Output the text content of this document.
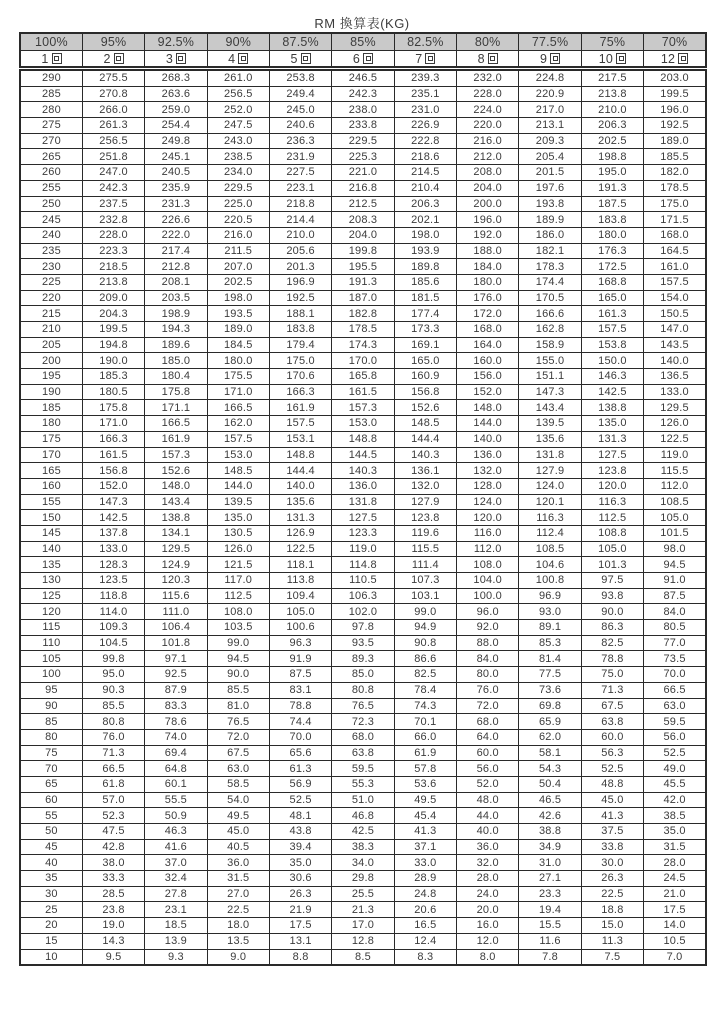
RM 換算表(KG)
100%	95%	92.5%	90%	87.5%	85%	82.5%	80%	77.5%	75%	70%
1	2	3	4	5	6	7	8	9	10	12
290	275.5	268.3	261.0	253.8	246.5	239.3	232.0	224.8	217.5	203.0
285	270.8	263.6	256.5	249.4	242.3	235.1	228.0	220.9	213.8	199.5
280	266.0	259.0	252.0	245.0	238.0	231.0	224.0	217.0	210.0	196.0
275	261.3	254.4	247.5	240.6	233.8	226.9	220.0	213.1	206.3	192.5
270	256.5	249.8	243.0	236.3	229.5	222.8	216.0	209.3	202.5	189.0
265	251.8	245.1	238.5	231.9	225.3	218.6	212.0	205.4	198.8	185.5
260	247.0	240.5	234.0	227.5	221.0	214.5	208.0	201.5	195.0	182.0
255	242.3	235.9	229.5	223.1	216.8	210.4	204.0	197.6	191.3	178.5
250	237.5	231.3	225.0	218.8	212.5	206.3	200.0	193.8	187.5	175.0
245	232.8	226.6	220.5	214.4	208.3	202.1	196.0	189.9	183.8	171.5
240	228.0	222.0	216.0	210.0	204.0	198.0	192.0	186.0	180.0	168.0
235	223.3	217.4	211.5	205.6	199.8	193.9	188.0	182.1	176.3	164.5
230	218.5	212.8	207.0	201.3	195.5	189.8	184.0	178.3	172.5	161.0
225	213.8	208.1	202.5	196.9	191.3	185.6	180.0	174.4	168.8	157.5
220	209.0	203.5	198.0	192.5	187.0	181.5	176.0	170.5	165.0	154.0
215	204.3	198.9	193.5	188.1	182.8	177.4	172.0	166.6	161.3	150.5
210	199.5	194.3	189.0	183.8	178.5	173.3	168.0	162.8	157.5	147.0
205	194.8	189.6	184.5	179.4	174.3	169.1	164.0	158.9	153.8	143.5
200	190.0	185.0	180.0	175.0	170.0	165.0	160.0	155.0	150.0	140.0
195	185.3	180.4	175.5	170.6	165.8	160.9	156.0	151.1	146.3	136.5
190	180.5	175.8	171.0	166.3	161.5	156.8	152.0	147.3	142.5	133.0
185	175.8	171.1	166.5	161.9	157.3	152.6	148.0	143.4	138.8	129.5
180	171.0	166.5	162.0	157.5	153.0	148.5	144.0	139.5	135.0	126.0
175	166.3	161.9	157.5	153.1	148.8	144.4	140.0	135.6	131.3	122.5
170	161.5	157.3	153.0	148.8	144.5	140.3	136.0	131.8	127.5	119.0
165	156.8	152.6	148.5	144.4	140.3	136.1	132.0	127.9	123.8	115.5
160	152.0	148.0	144.0	140.0	136.0	132.0	128.0	124.0	120.0	112.0
155	147.3	143.4	139.5	135.6	131.8	127.9	124.0	120.1	116.3	108.5
150	142.5	138.8	135.0	131.3	127.5	123.8	120.0	116.3	112.5	105.0
145	137.8	134.1	130.5	126.9	123.3	119.6	116.0	112.4	108.8	101.5
140	133.0	129.5	126.0	122.5	119.0	115.5	112.0	108.5	105.0	98.0
135	128.3	124.9	121.5	118.1	114.8	111.4	108.0	104.6	101.3	94.5
130	123.5	120.3	117.0	113.8	110.5	107.3	104.0	100.8	97.5	91.0
125	118.8	115.6	112.5	109.4	106.3	103.1	100.0	96.9	93.8	87.5
120	114.0	111.0	108.0	105.0	102.0	99.0	96.0	93.0	90.0	84.0
115	109.3	106.4	103.5	100.6	97.8	94.9	92.0	89.1	86.3	80.5
110	104.5	101.8	99.0	96.3	93.5	90.8	88.0	85.3	82.5	77.0
105	99.8	97.1	94.5	91.9	89.3	86.6	84.0	81.4	78.8	73.5
100	95.0	92.5	90.0	87.5	85.0	82.5	80.0	77.5	75.0	70.0
95	90.3	87.9	85.5	83.1	80.8	78.4	76.0	73.6	71.3	66.5
90	85.5	83.3	81.0	78.8	76.5	74.3	72.0	69.8	67.5	63.0
85	80.8	78.6	76.5	74.4	72.3	70.1	68.0	65.9	63.8	59.5
80	76.0	74.0	72.0	70.0	68.0	66.0	64.0	62.0	60.0	56.0
75	71.3	69.4	67.5	65.6	63.8	61.9	60.0	58.1	56.3	52.5
70	66.5	64.8	63.0	61.3	59.5	57.8	56.0	54.3	52.5	49.0
65	61.8	60.1	58.5	56.9	55.3	53.6	52.0	50.4	48.8	45.5
60	57.0	55.5	54.0	52.5	51.0	49.5	48.0	46.5	45.0	42.0
55	52.3	50.9	49.5	48.1	46.8	45.4	44.0	42.6	41.3	38.5
50	47.5	46.3	45.0	43.8	42.5	41.3	40.0	38.8	37.5	35.0
45	42.8	41.6	40.5	39.4	38.3	37.1	36.0	34.9	33.8	31.5
40	38.0	37.0	36.0	35.0	34.0	33.0	32.0	31.0	30.0	28.0
35	33.3	32.4	31.5	30.6	29.8	28.9	28.0	27.1	26.3	24.5
30	28.5	27.8	27.0	26.3	25.5	24.8	24.0	23.3	22.5	21.0
25	23.8	23.1	22.5	21.9	21.3	20.6	20.0	19.4	18.8	17.5
20	19.0	18.5	18.0	17.5	17.0	16.5	16.0	15.5	15.0	14.0
15	14.3	13.9	13.5	13.1	12.8	12.4	12.0	11.6	11.3	10.5
10	9.5	9.3	9.0	8.8	8.5	8.3	8.0	7.8	7.5	7.0
